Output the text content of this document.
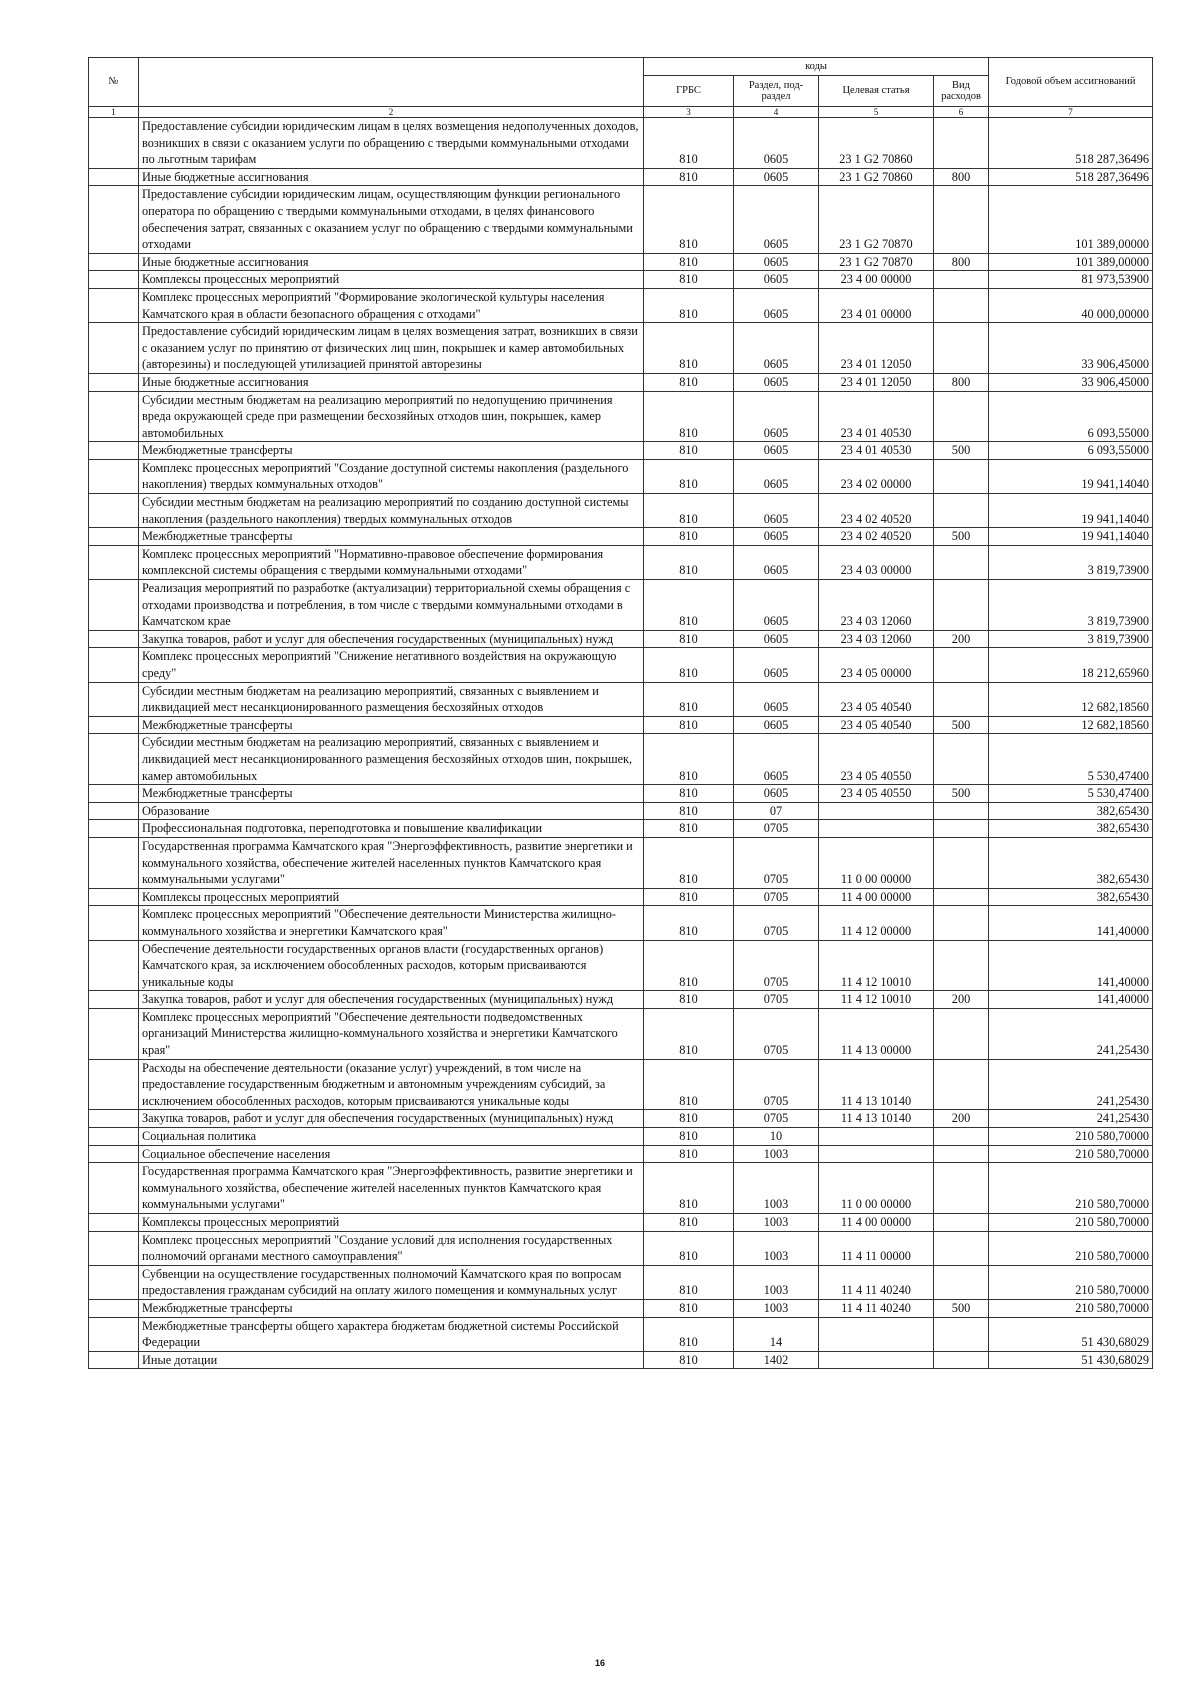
№		коды				Годовой объем ассигнований
		ГРБС	Раздел, под-раздел	Целевая статья	Вид расходов	
1	2	3	4	5	6	7
	Предоставление субсидии юридическим лицам в целях возмещения недополученных доходов, возникших в связи с оказанием услуги по обращению с твердыми коммунальными отходами по льготным тарифам	810	0605	23 1 G2 70860		518 287,36496
	Иные бюджетные ассигнования	810	0605	23 1 G2 70860	800	518 287,36496
	Предоставление субсидии юридическим лицам, осуществляющим функции регионального оператора по обращению с твердыми коммунальными отходами, в целях финансового обеспечения затрат, связанных с оказанием услуг по обращению с твердыми коммунальными отходами	810	0605	23 1 G2 70870		101 389,00000
	Иные бюджетные ассигнования	810	0605	23 1 G2 70870	800	101 389,00000
	Комплексы процессных мероприятий	810	0605	23 4 00 00000		81 973,53900
	Комплекс процессных мероприятий "Формирование экологической культуры населения Камчатского края в области безопасного обращения с отходами"	810	0605	23 4 01 00000		40 000,00000
	Предоставление субсидий юридическим лицам в целях возмещения затрат, возникших в связи с оказанием услуг по принятию от физических лиц шин, покрышек и камер автомобильных (авторезины) и последующей утилизацией принятой авторезины	810	0605	23 4 01 12050		33 906,45000
	Иные бюджетные ассигнования	810	0605	23 4 01 12050	800	33 906,45000
	Субсидии местным бюджетам на реализацию мероприятий по недопущению причинения вреда окружающей среде при размещении бесхозяйных отходов шин, покрышек, камер автомобильных	810	0605	23 4 01 40530		6 093,55000
	Межбюджетные трансферты	810	0605	23 4 01 40530	500	6 093,55000
	Комплекс процессных мероприятий "Создание доступной системы накопления (раздельного накопления) твердых коммунальных отходов"	810	0605	23 4 02 00000		19 941,14040
	Субсидии местным бюджетам на реализацию мероприятий по созданию доступной системы накопления (раздельного накопления) твердых коммунальных отходов	810	0605	23 4 02 40520		19 941,14040
	Межбюджетные трансферты	810	0605	23 4 02 40520	500	19 941,14040
	Комплекс процессных мероприятий "Нормативно-правовое обеспечение формирования комплексной системы обращения с твердыми коммунальными отходами"	810	0605	23 4 03 00000		3 819,73900
	Реализация мероприятий по разработке (актуализации) территориальной схемы обращения с отходами производства и потребления, в том числе с твердыми коммунальными отходами в Камчатском крае	810	0605	23 4 03 12060		3 819,73900
	Закупка товаров, работ и услуг для обеспечения государственных (муниципальных) нужд	810	0605	23 4 03 12060	200	3 819,73900
	Комплекс процессных мероприятий "Снижение негативного воздействия на окружающую среду"	810	0605	23 4 05 00000		18 212,65960
	Субсидии местным бюджетам на реализацию мероприятий, связанных с выявлением и ликвидацией мест несанкционированного размещения бесхозяйных отходов	810	0605	23 4 05 40540		12 682,18560
	Межбюджетные трансферты	810	0605	23 4 05 40540	500	12 682,18560
	Субсидии местным бюджетам на реализацию мероприятий, связанных с выявлением и ликвидацией мест несанкционированного размещения бесхозяйных отходов шин, покрышек, камер автомобильных	810	0605	23 4 05 40550		5 530,47400
	Межбюджетные трансферты	810	0605	23 4 05 40550	500	5 530,47400
	Образование	810	07			382,65430
	Профессиональная подготовка, переподготовка и повышение квалификации	810	0705			382,65430
	Государственная программа Камчатского края "Энергоэффективность, развитие энергетики и коммунального хозяйства, обеспечение жителей населенных пунктов Камчатского края коммунальными услугами"	810	0705	11 0 00 00000		382,65430
	Комплексы процессных мероприятий	810	0705	11 4 00 00000		382,65430
	Комплекс процессных мероприятий "Обеспечение деятельности Министерства жилищно-коммунального хозяйства и энергетики Камчатского края"	810	0705	11 4 12 00000		141,40000
	Обеспечение деятельности государственных органов власти (государственных органов) Камчатского края, за исключением обособленных расходов, которым присваиваются уникальные коды	810	0705	11 4 12 10010		141,40000
	Закупка товаров, работ и услуг для обеспечения государственных (муниципальных) нужд	810	0705	11 4 12 10010	200	141,40000
	Комплекс процессных мероприятий "Обеспечение деятельности подведомственных организаций Министерства жилищно-коммунального хозяйства и энергетики Камчатского края"	810	0705	11 4 13 00000		241,25430
	Расходы на обеспечение деятельности (оказание услуг) учреждений, в том числе на предоставление государственным бюджетным и автономным учреждениям субсидий, за исключением обособленных расходов, которым присваиваются уникальные коды	810	0705	11 4 13 10140		241,25430
	Закупка товаров, работ и услуг для обеспечения государственных (муниципальных) нужд	810	0705	11 4 13 10140	200	241,25430
	Социальная политика	810	10			210 580,70000
	Социальное обеспечение населения	810	1003			210 580,70000
	Государственная программа Камчатского края "Энергоэффективность, развитие энергетики и коммунального хозяйства, обеспечение жителей населенных пунктов Камчатского края коммунальными услугами"	810	1003	11 0 00 00000		210 580,70000
	Комплексы процессных мероприятий	810	1003	11 4 00 00000		210 580,70000
	Комплекс процессных мероприятий "Создание условий для исполнения государственных полномочий органами местного самоуправления"	810	1003	11 4 11 00000		210 580,70000
	Субвенции на осуществление государственных полномочий Камчатского края по вопросам предоставления гражданам субсидий на оплату жилого помещения и коммунальных услуг	810	1003	11 4 11 40240		210 580,70000
	Межбюджетные трансферты	810	1003	11 4 11 40240	500	210 580,70000
	Межбюджетные трансферты общего характера бюджетам бюджетной системы Российской Федерации	810	14			51 430,68029
	Иные дотации	810	1402			51 430,68029
16
